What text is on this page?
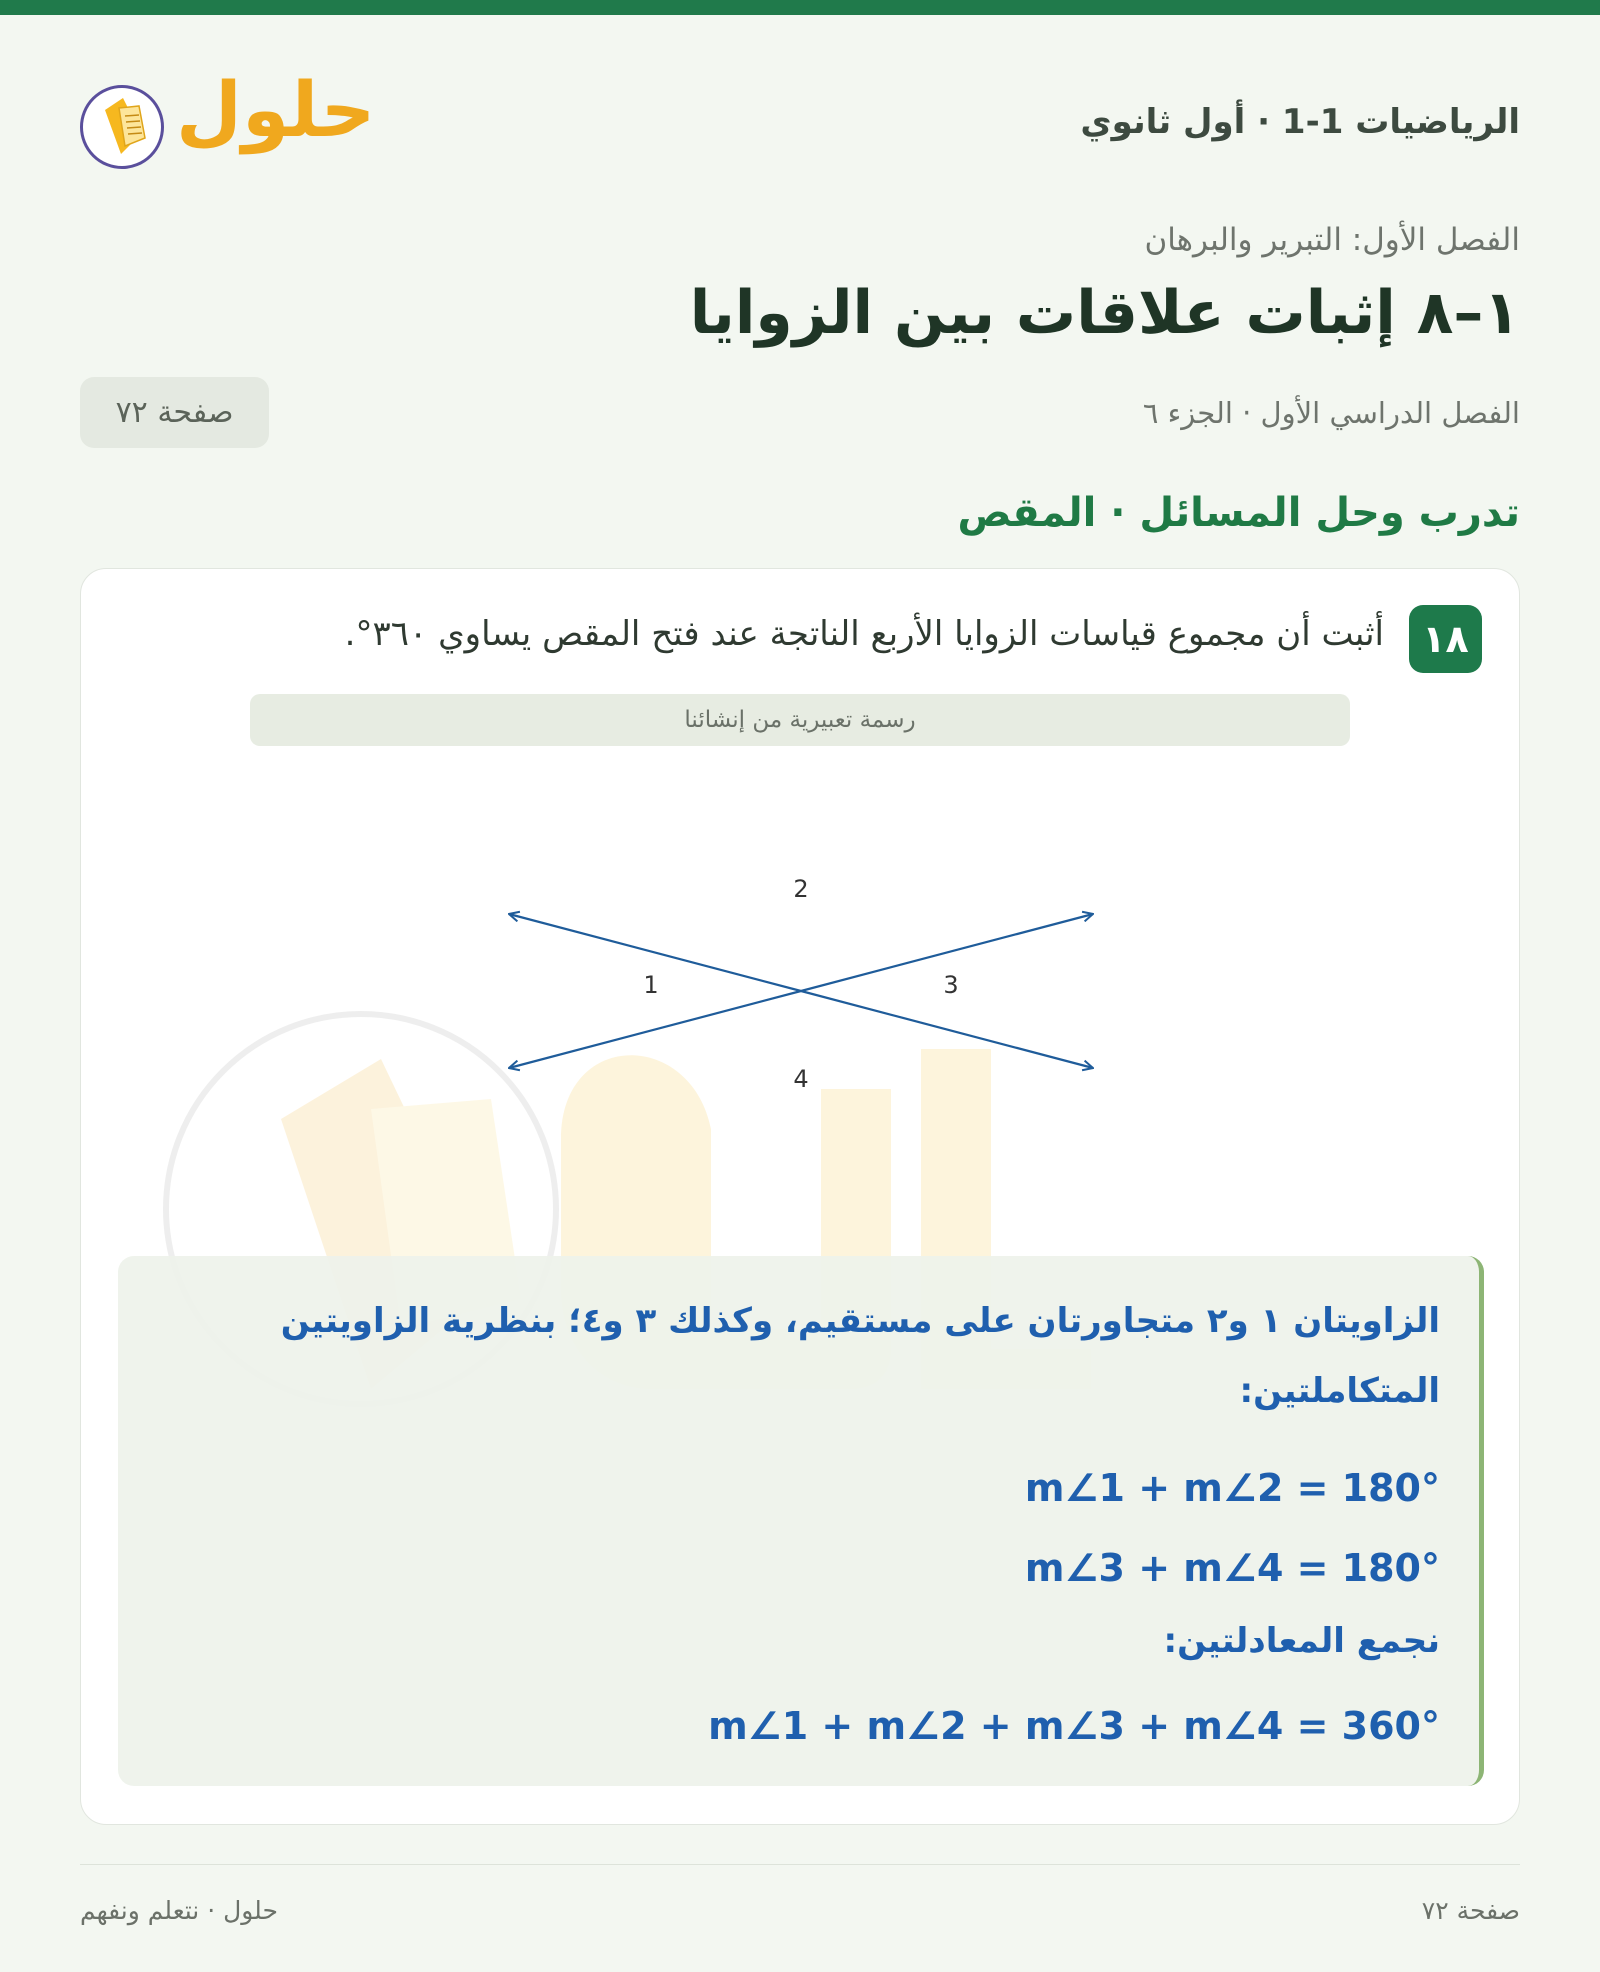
حلول	الرياضيات 1-1 · أول ثانوي
الفصل الأول: التبرير والبرهان
١–٨ إثبات علاقات بين الزوايا
الفصل الدراسي الأول · الجزء ٦
صفحة ٧٢
تدرب وحل المسائل · المقص
١٨
أثبت أن مجموع قياسات الزوايا الأربع الناتجة عند فتح المقص يساوي ٣٦٠°.
رسمة تعبيرية من إنشائنا
1
2
3
4
الزاويتان ١ و٢ متجاورتان على مستقيم، وكذلك ٣ و٤؛ بنظرية الزاويتين المتكاملتين:
m∠1 + m∠2 = 180°
m∠3 + m∠4 = 180°
نجمع المعادلتين:
m∠1 + m∠2 + m∠3 + m∠4 = 360°
حلول · نتعلم ونفهم	صفحة ٧٢
